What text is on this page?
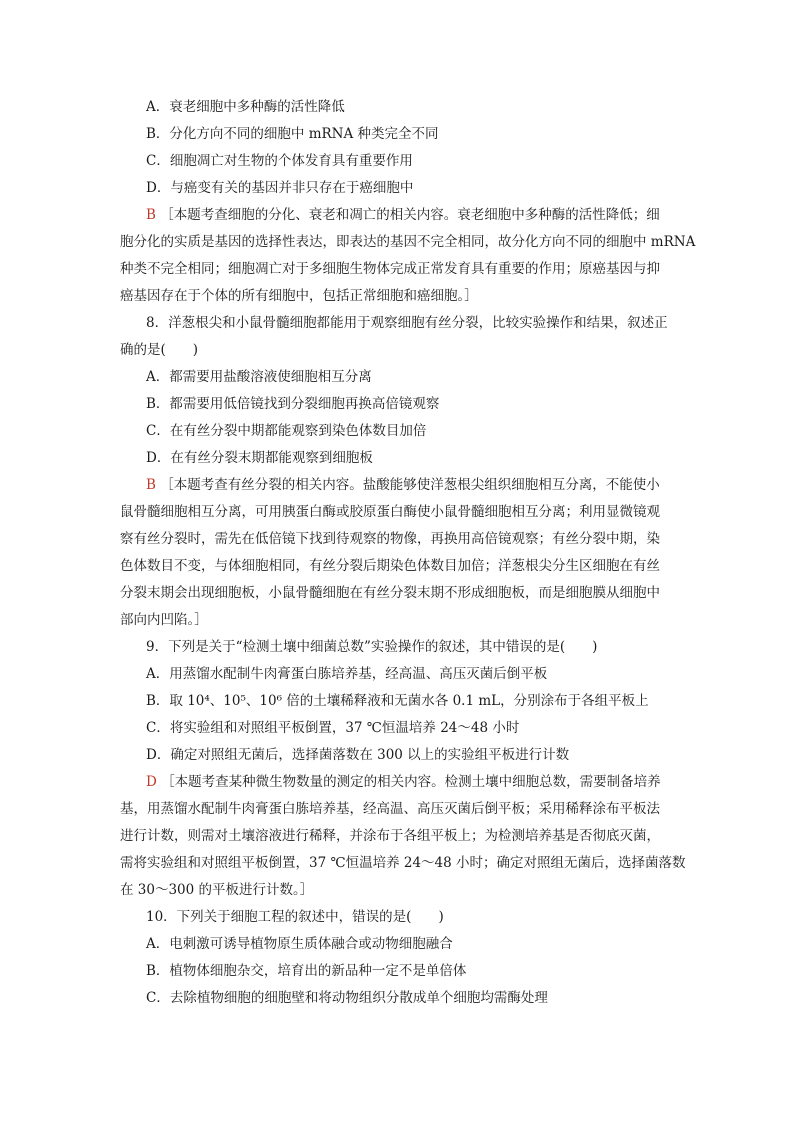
A．衰老细胞中多种酶的活性降低
B．分化方向不同的细胞中 mRNA 种类完全不同
C．细胞凋亡对生物的个体发育具有重要作用
D．与癌变有关的基因并非只存在于癌细胞中
B ［本题考查细胞的分化、衰老和凋亡的相关内容。衰老细胞中多种酶的活性降低；细
胞分化的实质是基因的选择性表达，即表达的基因不完全相同，故分化方向不同的细胞中 mRNA
种类不完全相同；细胞凋亡对于多细胞生物体完成正常发育具有重要的作用；原癌基因与抑
癌基因存在于个体的所有细胞中，包括正常细胞和癌细胞。］
8．洋葱根尖和小鼠骨髓细胞都能用于观察细胞有丝分裂，比较实验操作和结果，叙述正
确的是(　　)
A．都需要用盐酸溶液使细胞相互分离
B．都需要用低倍镜找到分裂细胞再换高倍镜观察
C．在有丝分裂中期都能观察到染色体数目加倍
D．在有丝分裂末期都能观察到细胞板
B ［本题考查有丝分裂的相关内容。盐酸能够使洋葱根尖组织细胞相互分离，不能使小
鼠骨髓细胞相互分离，可用胰蛋白酶或胶原蛋白酶使小鼠骨髓细胞相互分离；利用显微镜观
察有丝分裂时，需先在低倍镜下找到待观察的物像，再换用高倍镜观察；有丝分裂中期，染
色体数目不变，与体细胞相同，有丝分裂后期染色体数目加倍；洋葱根尖分生区细胞在有丝
分裂末期会出现细胞板，小鼠骨髓细胞在有丝分裂末期不形成细胞板，而是细胞膜从细胞中
部向内凹陷。］
9．下列是关于“检测土壤中细菌总数”实验操作的叙述，其中错误的是(　　)
A．用蒸馏水配制牛肉膏蛋白胨培养基，经高温、高压灭菌后倒平板
B．取 10⁴、10⁵、10⁶ 倍的土壤稀释液和无菌水各 0.1 mL，分别涂布于各组平板上
C．将实验组和对照组平板倒置，37 ℃恒温培养 24～48 小时
D．确定对照组无菌后，选择菌落数在 300 以上的实验组平板进行计数
D ［本题考查某种微生物数量的测定的相关内容。检测土壤中细胞总数，需要制备培养
基，用蒸馏水配制牛肉膏蛋白胨培养基，经高温、高压灭菌后倒平板；采用稀释涂布平板法
进行计数，则需对土壤溶液进行稀释，并涂布于各组平板上；为检测培养基是否彻底灭菌，
需将实验组和对照组平板倒置，37 ℃恒温培养 24～48 小时；确定对照组无菌后，选择菌落数
在 30～300 的平板进行计数。］
10．下列关于细胞工程的叙述中，错误的是(　　)
A．电刺激可诱导植物原生质体融合或动物细胞融合
B．植物体细胞杂交，培育出的新品种一定不是单倍体
C．去除植物细胞的细胞壁和将动物组织分散成单个细胞均需酶处理
